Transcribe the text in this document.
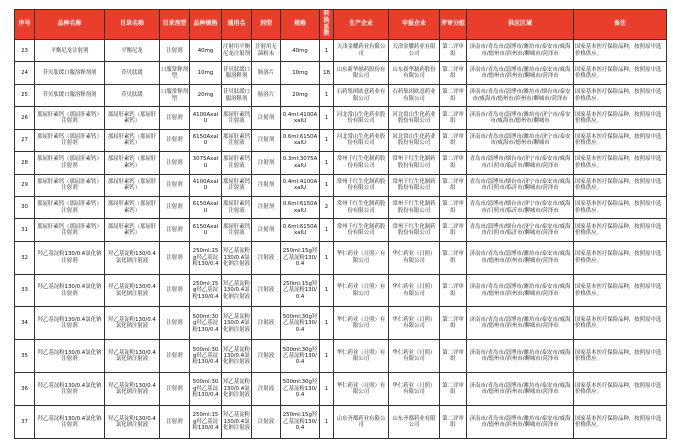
序号	品种名称	目录名称	目录剂型	品种规格	通用名	剂型	规格	转换系数	生产企业	申报企业	评审分组	供应区域	备注
23	平衡尼龙注射剂	平衡尼龙	注射剂	40mg	注射用平衡尼龙注射剂	注射用无菌粉末	40mg	1	天津金耀药业有限公司	天津金耀药业有限公司	第二评审组	济南市/青岛市/淄博市/潍坊市/泰安市/威海市/德州市/滨州市/聊城市/菏泽市	国家基本医疗保险品种，按照原中选价格供应。
24	苷贝肽缓口服溶释剂剂	苷贝肽缓	口服常释剂型	10mg	苷贝肽缓口服溶释剂	肠溶片	10mg	18	山东新华制药股份有限公司	山东新华制药股份有限公司	第二评审组	济南市/青岛市/淄博市/潍坊市/泰安市/威海市/德州市/滨州市/聊城市/菏泽市	国家基本医疗保险品种，按照原中选价格供应。
25	苷贝肽缓口服溶释剂剂	苷贝肽缓	口服常释剂型	20mg	苷贝肽缓口服溶释剂	肠溶片	20mg	1	石药集团欧意药业有限公司	石药集团欧意药业有限公司	第二评审组	济南市/青岛市/淄博市/潍坊市/烟台市/泰安市/威海市/德州市/滨州市/聊城市/菏泽市	国家基本医疗保险品种，按照原中选价格供应。
26	那屈肝素钙（那屈肝素钙）注射剂	那屈肝素钙（那屈肝素钙）	注射剂	4100AxaIU	那屈肝素钙注射液	注射剂	0.4ml:4100AxaIU	1	河北常山生化药业股份有限公司	河北常山生化药业股份有限公司	第二评审组	济南市/青岛市/淄博市/潍坊市/济宁市/泰安市/威海市/德州市/聊城市	国家基本医疗保险品种，按照原中选价格供应。
27	那屈肝素钙（那屈肝素钙）注射剂	那屈肝素钙（那屈肝素钙）	注射剂	6150AxaIU	那屈肝素钙注射液	注射剂	0.6ml:6150AxaIU	1	河北常山生化药业股份有限公司	河北常山生化药业股份有限公司	第二评审组	济南市/青岛市/淄博市/潍坊市/济宁市/泰安市/威海市/德州市/聊城市	国家基本医疗保险品种，按照原中选价格供应。
28	那屈肝素钙（那屈肝素钙）注射剂	那屈肝素钙（那屈肝素钙）	注射剂	3075AxaIU	那屈肝素钙注射液	注射剂	0.3ml:3075AxaIU	1	常州千红生化制药股份有限公司	常州千红生化制药股份有限公司	第二评审组	青岛市/淄博市/烟台市/济宁市/泰安市/威海市/日照市/临沂市/聊城市/菏泽市	国家基本医疗保险品种，按照原中选价格供应。
29	那屈肝素钙（那屈肝素钙）注射剂	那屈肝素钙（那屈肝素钙）	注射剂	4100AxaIU	那屈肝素钙注射液	注射剂	0.4ml:4100AxaIU	1	常州千红生化制药股份有限公司	常州千红生化制药股份有限公司	第二评审组	青岛市/淄博市/烟台市/济宁市/泰安市/威海市/日照市/临沂市/聊城市/菏泽市	国家基本医疗保险品种，按照原中选价格供应。
30	那屈肝素钙（那屈肝素钙）注射剂	那屈肝素钙（那屈肝素钙）	注射剂	6150AxaIU	那屈肝素钙注射液	注射剂	0.6ml:6150AxaIU	2	常州千红生化制药股份有限公司	常州千红生化制药股份有限公司	第二评审组	青岛市/淄博市/烟台市/济宁市/泰安市/威海市/日照市/临沂市/聊城市/菏泽市	国家基本医疗保险品种，按照原中选价格供应。
31	那屈肝素钙（那屈肝素钙）注射剂	那屈肝素钙（那屈肝素钙）	注射剂	6150AxaIU	那屈肝素钙注射液	注射剂	0.6ml:6150AxaIU	1	常州千红生化制药股份有限公司	常州千红生化制药股份有限公司	第二评审组	青岛市/淄博市/烟台市/济宁市/泰安市/威海市/日照市/临沂市/聊城市/菏泽市	国家基本医疗保险品种，按照原中选价格供应。
32	羟乙基淀粉130/0.4氯化钠注射剂	羟乙基淀粉130/0.4氯化钠注射液	注射剂	250ml:15g羟乙基淀粉130/0.4	羟乙基淀粉130/0.4氯化钠注射液	注射液	250ml:15g羟乙基淀粉130/0.4	1	华仁药业（日照）有限公司	华仁药业（日照）有限公司	第二评审组	济南市/青岛市/淄博市/潍坊市/泰安市/威海市/德州市/滨州市/聊城市/菏泽市	国家基本医疗保险品种，按照原中选价格供应。
33	羟乙基淀粉130/0.4氯化钠注射剂	羟乙基淀粉130/0.4氯化钠注射液	注射剂	250ml:15g羟乙基淀粉130/0.4	羟乙基淀粉130/0.4氯化钠注射液	注射液	250ml:15g羟乙基淀粉130/0.4	1	华仁药业（日照）有限公司	华仁药业（日照）有限公司	第二评审组	济南市/青岛市/淄博市/潍坊市/泰安市/威海市/德州市/滨州市/聊城市/菏泽市	国家基本医疗保险品种，按照原中选价格供应。
34	羟乙基淀粉130/0.4氯化钠注射剂	羟乙基淀粉130/0.4氯化钠注射液	注射剂	500ml:30g羟乙基淀粉130/0.4	羟乙基淀粉130/0.4氯化钠注射液	注射液	500ml:30g羟乙基淀粉130/0.4	1	华仁药业（日照）有限公司	华仁药业（日照）有限公司	第二评审组	济南市/青岛市/淄博市/潍坊市/泰安市/威海市/德州市/滨州市/聊城市/菏泽市	国家基本医疗保险品种，按照原中选价格供应。
35	羟乙基淀粉130/0.4氯化钠注射剂	羟乙基淀粉130/0.4氯化钠注射液	注射剂	500ml:30g羟乙基淀粉130/0.4	羟乙基淀粉130/0.4氯化钠注射液	注射液	500ml:30g羟乙基淀粉130/0.4	1	华仁药业（日照）有限公司	华仁药业（日照）有限公司	第二评审组	济南市/青岛市/淄博市/潍坊市/泰安市/威海市/德州市/滨州市/聊城市/菏泽市	国家基本医疗保险品种，按照原中选价格供应。
36	羟乙基淀粉130/0.4氯化钠注射剂	羟乙基淀粉130/0.4氯化钠注射液	注射剂	500ml:30g羟乙基淀粉130/0.4	羟乙基淀粉130/0.4氯化钠注射液	注射液	500ml:30g羟乙基淀粉130/0.4	1	华仁药业（日照）有限公司	华仁药业（日照）有限公司	第二评审组	济南市/青岛市/淄博市/潍坊市/泰安市/威海市/德州市/滨州市/聊城市/菏泽市	国家基本医疗保险品种，按照原中选价格供应。
37	羟乙基淀粉130/0.4氯化钠注射剂	羟乙基淀粉130/0.4氯化钠注射液	注射剂	250ml:15g羟乙基淀粉130/0.4	羟乙基淀粉130/0.4氯化钠注射液	注射液	250ml:15g羟乙基淀粉130/0.4	1	山东齐都药业有限公司	山东齐都药业有限公司	第二评审组	济南市/青岛市/淄博市/潍坊市/泰安市/威海市/德州市/滨州市/聊城市/菏泽市	国家基本医疗保险品种，按照原中选价格供应。
